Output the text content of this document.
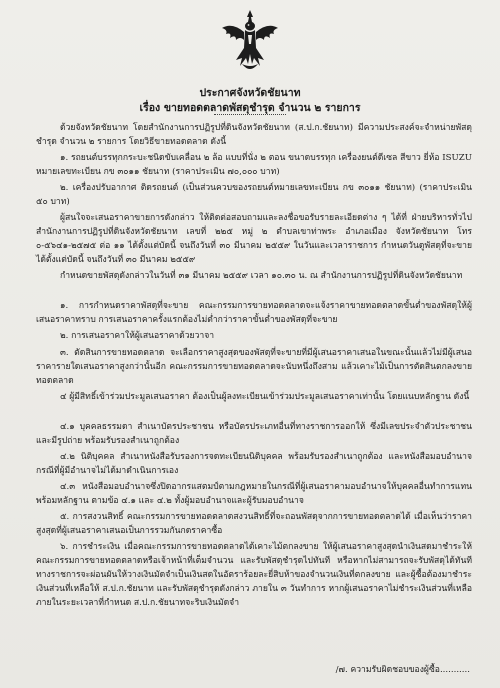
ประกาศจังหวัดชัยนาท
เรื่อง ขายทอดตลาดพัสดุชำรุด จำนวน ๒ รายการ

ด้วยจังหวัดชัยนาท โดยสำนักงานการปฏิรูปที่ดินจังหวัดชัยนาท (ส.ป.ก.ชัยนาท) มีความประสงค์จะจำหน่ายพัสดุชำรุด จำนวน ๒ รายการ โดยวิธีขายทอดตลาด ดังนี้

๑. รถยนต์บรรทุกกระบะชนิดขับเคลื่อน ๒ ล้อ แบบที่นั่ง ๒ ตอน ขนาดบรรทุก เครื่องยนต์ดีเซล สีขาว ยี่ห้อ ISUZU หมายเลขทะเบียน กข ๓๐๑๑ ชัยนาท (ราคาประเมิน ๗๐,๐๐๐ บาท)

๒. เครื่องปรับอากาศ ติดรถยนต์ (เป็นส่วนควบของรถยนต์หมายเลขทะเบียน กข ๓๐๑๑ ชัยนาท) (ราคาประเมิน ๕๐ บาท)

ผู้สนใจจะเสนอราคาขายการดังกล่าว ให้ติดต่อสอบถามและลงชื่อขอรับรายละเอียดต่าง ๆ ได้ที่ ฝ่ายบริหารทั่วไป สำนักงานการปฏิรูปที่ดินจังหวัดชัยนาท เลขที่ ๒๒๕ หมู่ ๒ ตำบลเขาท่าพระ อำเภอเมือง จังหวัดชัยนาท โทร ๐-๕๖๔๑-๒๕๗๕ ต่อ ๑๑ ได้ตั้งแต่บัดนี้ จนถึงวันที่ ๓๐ มีนาคม ๒๕๕๙ ในวันและเวลาราชการ กำหนดวันดูพัสดุที่จะขายได้ตั้งแต่บัดนี้ จนถึงวันที่ ๓๐ มีนาคม ๒๕๕๙

กำหนดขายพัสดุดังกล่าวในวันที่ ๓๑ มีนาคม ๒๕๕๙ เวลา ๑๐.๓๐ น. ณ สำนักงานการปฏิรูปที่ดินจังหวัดชัยนาท

๑. การกำหนดราคาพัสดุที่จะขาย คณะกรรมการขายทอดตลาดจะแจ้งราคาขายทอดตลาดขั้นต่ำของพัสดุให้ผู้เสนอราคาทราบ การเสนอราคาครั้งแรกต้องไม่ต่ำกว่าราคาขั้นต่ำของพัสดุที่จะขาย

๒. การเสนอราคาให้ผู้เสนอราคาด้วยวาจา

๓. ตัดสินการขายทอดตลาด จะเลือกราคาสูงสุดของพัสดุที่จะขายที่มีผู้เสนอราคาเสนอในขณะนั้นแล้วไม่มีผู้เสนอราคารายใดเสนอราคาสูงกว่านั้นอีก คณะกรรมการขายทอดตลาดจะนับหนึ่งถึงสาม แล้วเคาะไม้เป็นการตัดสินตกลงขายทอดตลาด

๔ ผู้มีสิทธิ์เข้าร่วมประมูลเสนอราคา ต้องเป็นผู้ลงทะเบียนเข้าร่วมประมูลเสนอราคาเท่านั้น โดยแนบหลักฐาน ดังนี้

๔.๑ บุคคลธรรมดา สำเนาบัตรประชาชน หรือบัตรประเภทอื่นที่ทางราชการออกให้ ซึ่งมีเลขประจำตัวประชาชนและมีรูปถ่าย พร้อมรับรองสำเนาถูกต้อง

๔.๒ นิติบุคคล สำเนาหนังสือรับรองการจดทะเบียนนิติบุคคล พร้อมรับรองสำเนาถูกต้อง และหนังสือมอบอำนาจกรณีที่ผู้มีอำนาจไม่ได้มาดำเนินการเอง

๔.๓ หนังสือมอบอำนาจซึ่งปิดอากรแสตมป์ตามกฎหมายในกรณีที่ผู้เสนอราคามอบอำนาจให้บุคคลอื่นทำการแทนพร้อมหลักฐาน ตามข้อ ๔.๑ และ ๔.๒ ทั้งผู้มอบอำนาจและผู้รับมอบอำนาจ

๕. การสงวนสิทธิ์ คณะกรรมการขายทอดตลาดสงวนสิทธิ์ที่จะถอนพัสดุจากการขายทอดตลาดได้ เมื่อเห็นว่าราคาสูงสุดที่ผู้เสนอราคาเสนอเป็นการรวมกันกดราคาซื้อ

๖. การชำระเงิน เมื่อคณะกรรมการขายทอดตลาดได้เคาะไม้ตกลงขาย ให้ผู้เสนอราคาสูงสุดนำเงินสดมาชำระให้คณะกรรมการขายทอดตลาดหรือเจ้าหน้าที่เต็มจำนวน และรับพัสดุชำรุดไปทันที หรือหากไม่สามารถจะรับพัสดุได้ทันที ทางราชการจะผ่อนผันให้วางเงินมัดจำเป็นเงินสดในอัตราร้อยละยี่สิบห้าของจำนวนเงินที่ตกลงขาย และผู้ซื้อต้องมาชำระเงินส่วนที่เหลือให้ ส.ป.ก.ชัยนาท และรับพัสดุชำรุดดังกล่าว ภายใน ๓ วันทำการ หากผู้เสนอราคาไม่ชำระเงินส่วนที่เหลือภายในระยะเวลาที่กำหนด ส.ป.ก.ชัยนาทจะริบเงินมัดจำ

/๗. ความรับผิดชอบของผู้ซื้อ...........
